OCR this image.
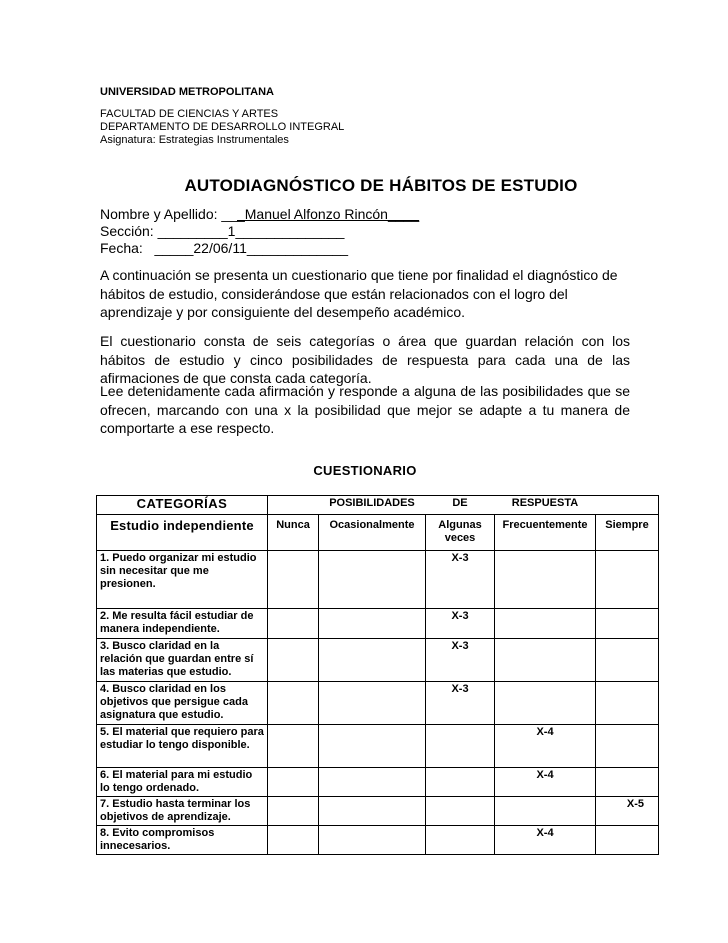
UNIVERSIDAD METROPOLITANA
FACULTAD DE CIENCIAS Y ARTES
DEPARTAMENTO DE DESARROLLO INTEGRAL
Asignatura: Estrategias Instrumentales
AUTODIAGNÓSTICO DE HÁBITOS DE ESTUDIO
Nombre y Apellido: ___Manuel Alfonzo Rincón____
Sección: _________1______________
Fecha:   _____22/06/11_____________
A continuación se presenta un cuestionario que tiene por finalidad el diagnóstico de hábitos de estudio, considerándose que están relacionados con el logro del aprendizaje y por consiguiente del desempeño académico.
El cuestionario consta de seis categorías o área que guardan relación con los hábitos de estudio y cinco posibilidades de respuesta para cada una de las afirmaciones de que consta cada categoría.
Lee detenidamente cada afirmación y responde a alguna de las posibilidades que se ofrecen, marcando con una x la posibilidad que mejor se adapte a tu manera de comportarte a ese respecto.
CUESTIONARIO
CATEGORÍAS		POSIBILIDADES	DE	RESPUESTA	
Estudio independiente	Nunca	Ocasionalmente	Algunas veces	Frecuentemente	Siempre
1. Puedo organizar mi estudio sin necesitar que me presionen.			X-3		
2. Me resulta fácil estudiar de manera independiente.			X-3		
3. Busco claridad en la relación que guardan entre sí las materias que estudio.			X-3		
4. Busco claridad en los objetivos que persigue cada asignatura que estudio.			X-3		
5. El material que requiero para estudiar lo tengo disponible.				X-4	
6. El material para mi estudio lo tengo ordenado.				X-4	
7. Estudio hasta terminar los objetivos de aprendizaje.					X-5
8. Evito compromisos innecesarios.				X-4	
